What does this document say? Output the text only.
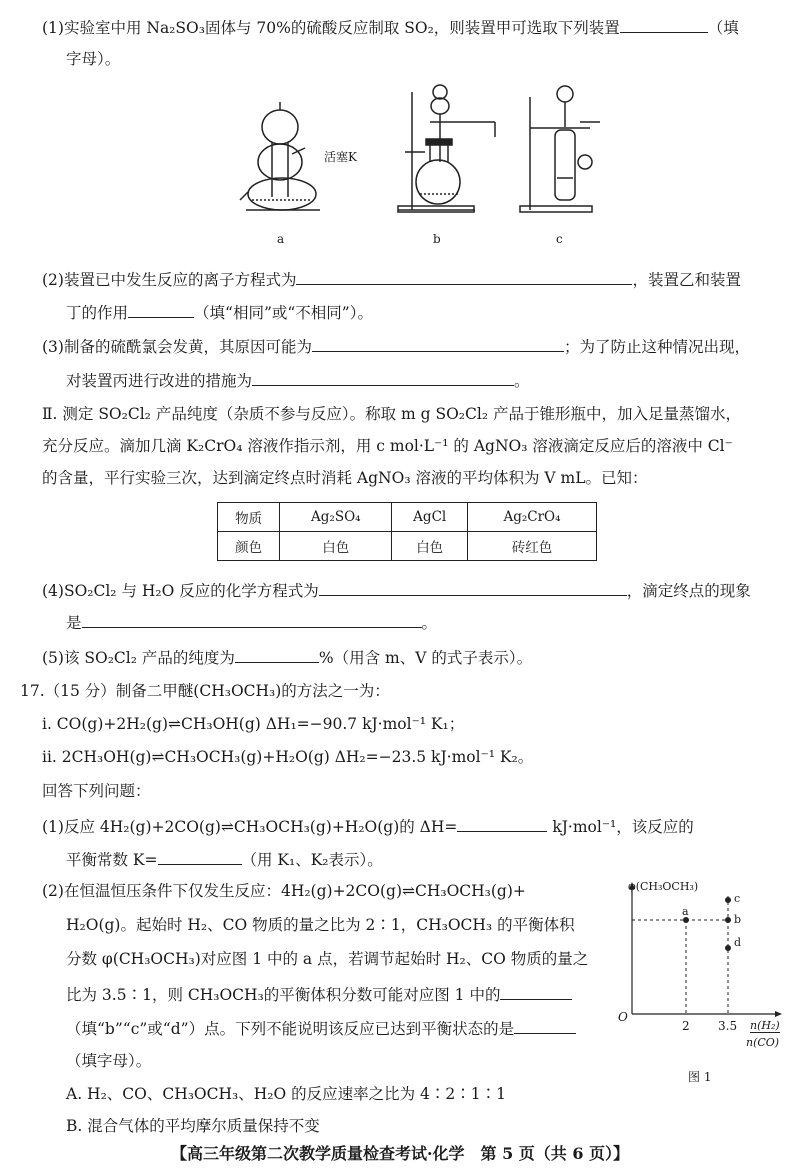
(1)实验室中用 Na₂SO₃固体与 70%的硫酸反应制取 SO₂，则装置甲可选取下列装置	（填
字母）。
活塞K
a	b	c
(2)装置已中发生反应的离子方程式为	，装置乙和装置
丁的作用	（填“相同”或“不相同”）。
(3)制备的硫酰氯会发黄，其原因可能为	；为了防止这种情况出现，
对装置丙进行改进的措施为	。
Ⅱ. 测定 SO₂Cl₂ 产品纯度（杂质不参与反应）。称取 m g SO₂Cl₂ 产品于锥形瓶中，加入足量蒸馏水，
充分反应。滴加几滴 K₂CrO₄ 溶液作指示剂，用 c mol·L⁻¹ 的 AgNO₃ 溶液滴定反应后的溶液中 Cl⁻
的含量，平行实验三次，达到滴定终点时消耗 AgNO₃ 溶液的平均体积为 V mL。已知：
物质	Ag₂SO₄	AgCl	Ag₂CrO₄
颜色	白色	白色	砖红色
(4)SO₂Cl₂ 与 H₂O 反应的化学方程式为	，滴定终点的现象
是	。
(5)该 SO₂Cl₂ 产品的纯度为	%（用含 m、V 的式子表示）。
17.（15 分）制备二甲醚(CH₃OCH₃)的方法之一为：
ⅰ. CO(g)+2H₂(g)⇌CH₃OH(g) ΔH₁=−90.7 kJ·mol⁻¹ K₁；
ⅱ. 2CH₃OH(g)⇌CH₃OCH₃(g)+H₂O(g) ΔH₂=−23.5 kJ·mol⁻¹ K₂。
回答下列问题：
(1)反应 4H₂(g)+2CO(g)⇌CH₃OCH₃(g)+H₂O(g)的 ΔH=	kJ·mol⁻¹，该反应的
平衡常数 K=	（用 K₁、K₂表示）。
(2)在恒温恒压条件下仅发生反应：4H₂(g)+2CO(g)⇌CH₃OCH₃(g)+
H₂O(g)。起始时 H₂、CO 物质的量之比为 2∶1，CH₃OCH₃ 的平衡体积
分数 φ(CH₃OCH₃)对应图 1 中的 a 点，若调节起始时 H₂、CO 物质的量之
比为 3.5∶1，则 CH₃OCH₃的平衡体积分数可能对应图 1 中的
（填“b”“c”或“d”）点。下列不能说明该反应已达到平衡状态的是
（填字母）。
A. H₂、CO、CH₃OCH₃、H₂O 的反应速率之比为 4∶2∶1∶1
B. 混合气体的平均摩尔质量保持不变
φ(CH₃OCH₃)
a
b
c
d
O
2 3.5 n(H₂)
n(CO)
图 1
【高三年级第二次教学质量检查考试·化学　第 5 页（共 6 页）】
